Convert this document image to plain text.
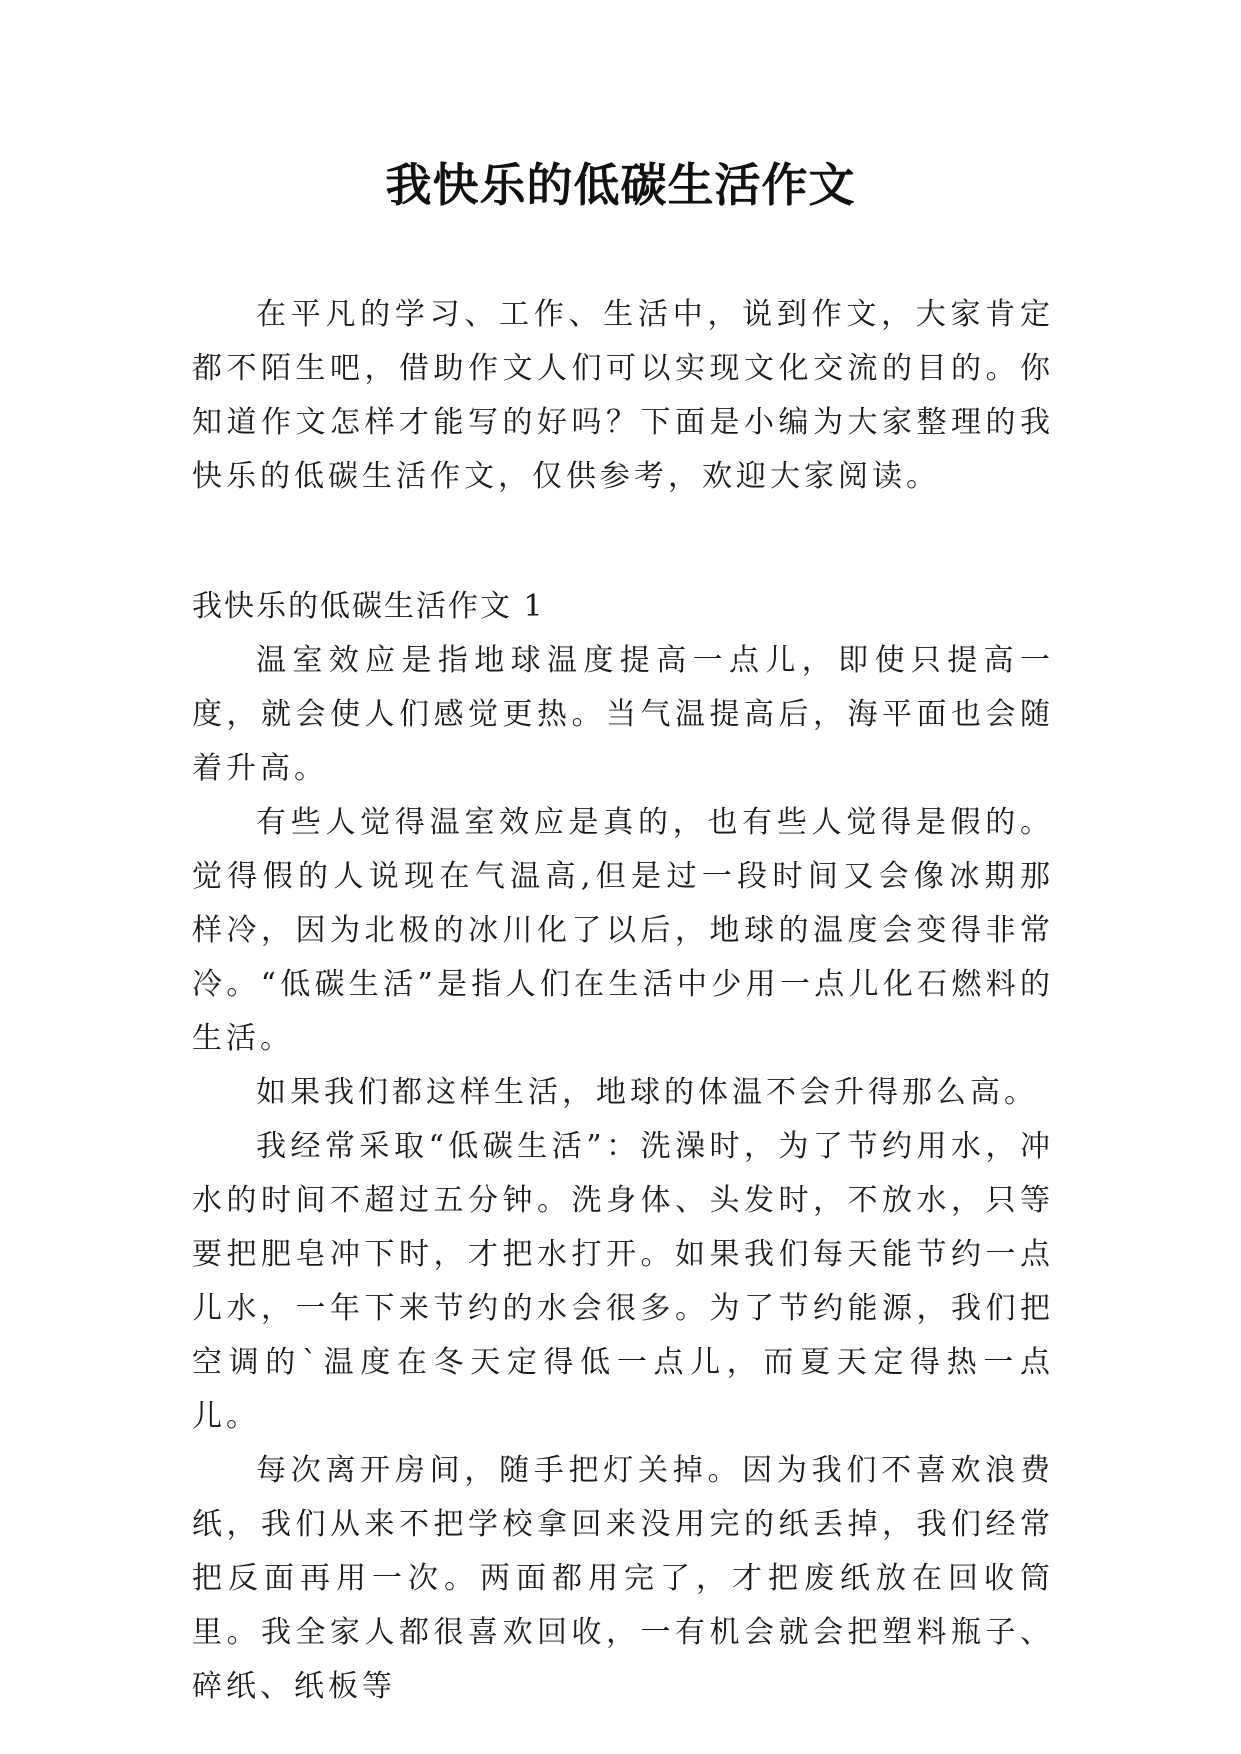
我快乐的低碳生活作文

在平凡的学习、工作、生活中，说到作文，大家肯定都不陌生吧，借助作文人们可以实现文化交流的目的。你知道作文怎样才能写的好吗？下面是小编为大家整理的我快乐的低碳生活作文，仅供参考，欢迎大家阅读。

我快乐的低碳生活作文 1

温室效应是指地球温度提高一点儿，即使只提高一度，就会使人们感觉更热。当气温提高后，海平面也会随着升高。

有些人觉得温室效应是真的，也有些人觉得是假的。觉得假的人说现在气温高,但是过一段时间又会像冰期那样冷，因为北极的冰川化了以后，地球的温度会变得非常冷。“低碳生活”是指人们在生活中少用一点儿化石燃料的生活。

如果我们都这样生活，地球的体温不会升得那么高。

我经常采取“低碳生活”：洗澡时，为了节约用水，冲水的时间不超过五分钟。洗身体、头发时，不放水，只等要把肥皂冲下时，才把水打开。如果我们每天能节约一点儿水，一年下来节约的水会很多。为了节约能源，我们把空调的`温度在冬天定得低一点儿，而夏天定得热一点儿。

每次离开房间，随手把灯关掉。因为我们不喜欢浪费纸，我们从来不把学校拿回来没用完的纸丢掉，我们经常把反面再用一次。两面都用完了，才把废纸放在回收筒里。我全家人都很喜欢回收，一有机会就会把塑料瓶子、碎纸、纸板等
